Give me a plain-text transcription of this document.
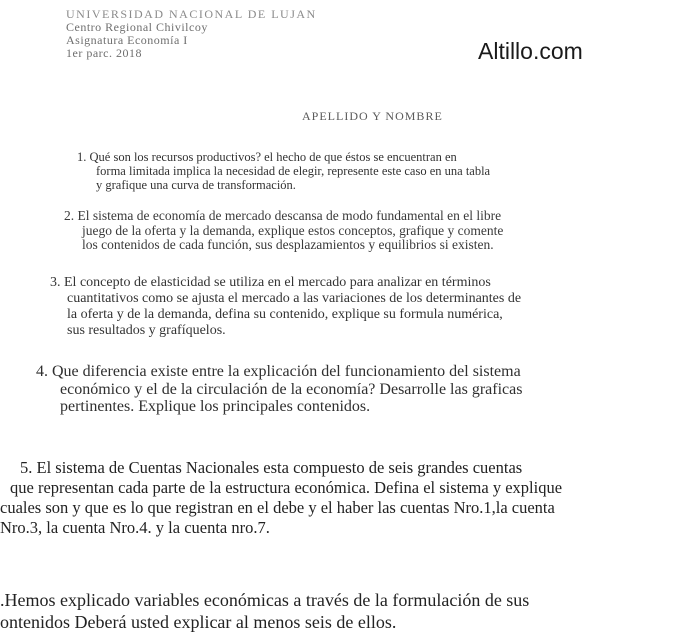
UNIVERSIDAD NACIONAL DE LUJAN
Centro Regional Chivilcoy
Asignatura Economía I
1er parc. 2018	Altillo.com
APELLIDO Y NOMBRE
1. Qué son los recursos productivos? el hecho de que éstos se encuentran en
forma limitada implica la necesidad de elegir, represente este caso en una tabla
y grafique una curva de transformación.
2. El sistema de economía de mercado descansa de modo fundamental en el libre
juego de la oferta y la demanda, explique estos conceptos, grafique y comente
los contenidos de cada función, sus desplazamientos y equilibrios si existen.
3. El concepto de elasticidad se utiliza en el mercado para analizar en términos
cuantitativos como se ajusta el mercado a las variaciones de los determinantes de
la oferta y de la demanda, defina su contenido, explique su formula numérica,
sus resultados y grafíquelos.
4. Que diferencia existe entre la explicación del funcionamiento del sistema
económico y el de la circulación de la economía? Desarrolle las graficas
pertinentes. Explique los principales contenidos.
5. El sistema de Cuentas Nacionales esta compuesto de seis grandes cuentas
que representan cada parte de la estructura económica. Defina el sistema y explique
cuales son y que es lo que registran en el debe y el haber las cuentas Nro.1,la cuenta
Nro.3, la cuenta Nro.4. y la cuenta nro.7.
.Hemos explicado variables económicas a través de la formulación de sus
ontenidos Deberá usted explicar al menos seis de ellos.
